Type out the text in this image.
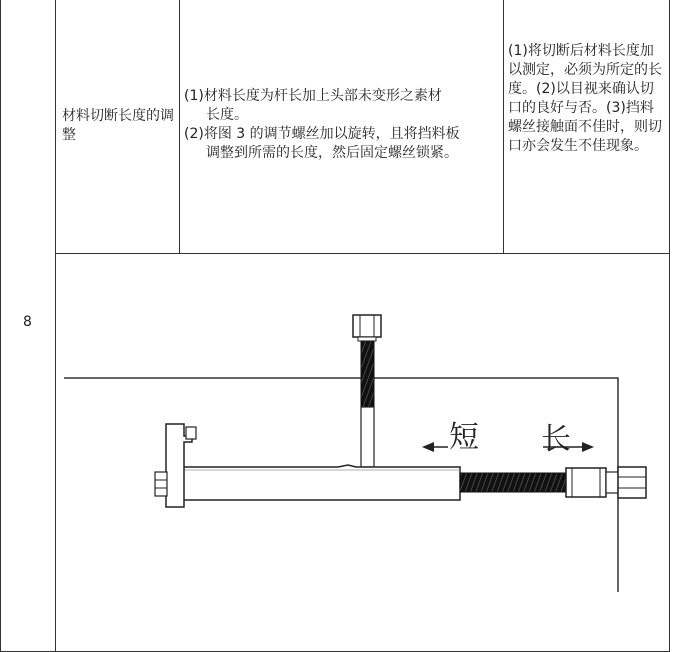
8
材料切断长度的调整
(1)材料长度为杆长加上头部未变形之素材
长度。
(2)将图 3 的调节螺丝加以旋转，且将挡料板
调整到所需的长度，然后固定螺丝锁紧。
(1)将切断后材料长度加以测定，必须为所定的长度。(2)以目视来确认切口的良好与否。(3)挡料螺丝接触面不佳时，则切口亦会发生不佳现象。
短 长
